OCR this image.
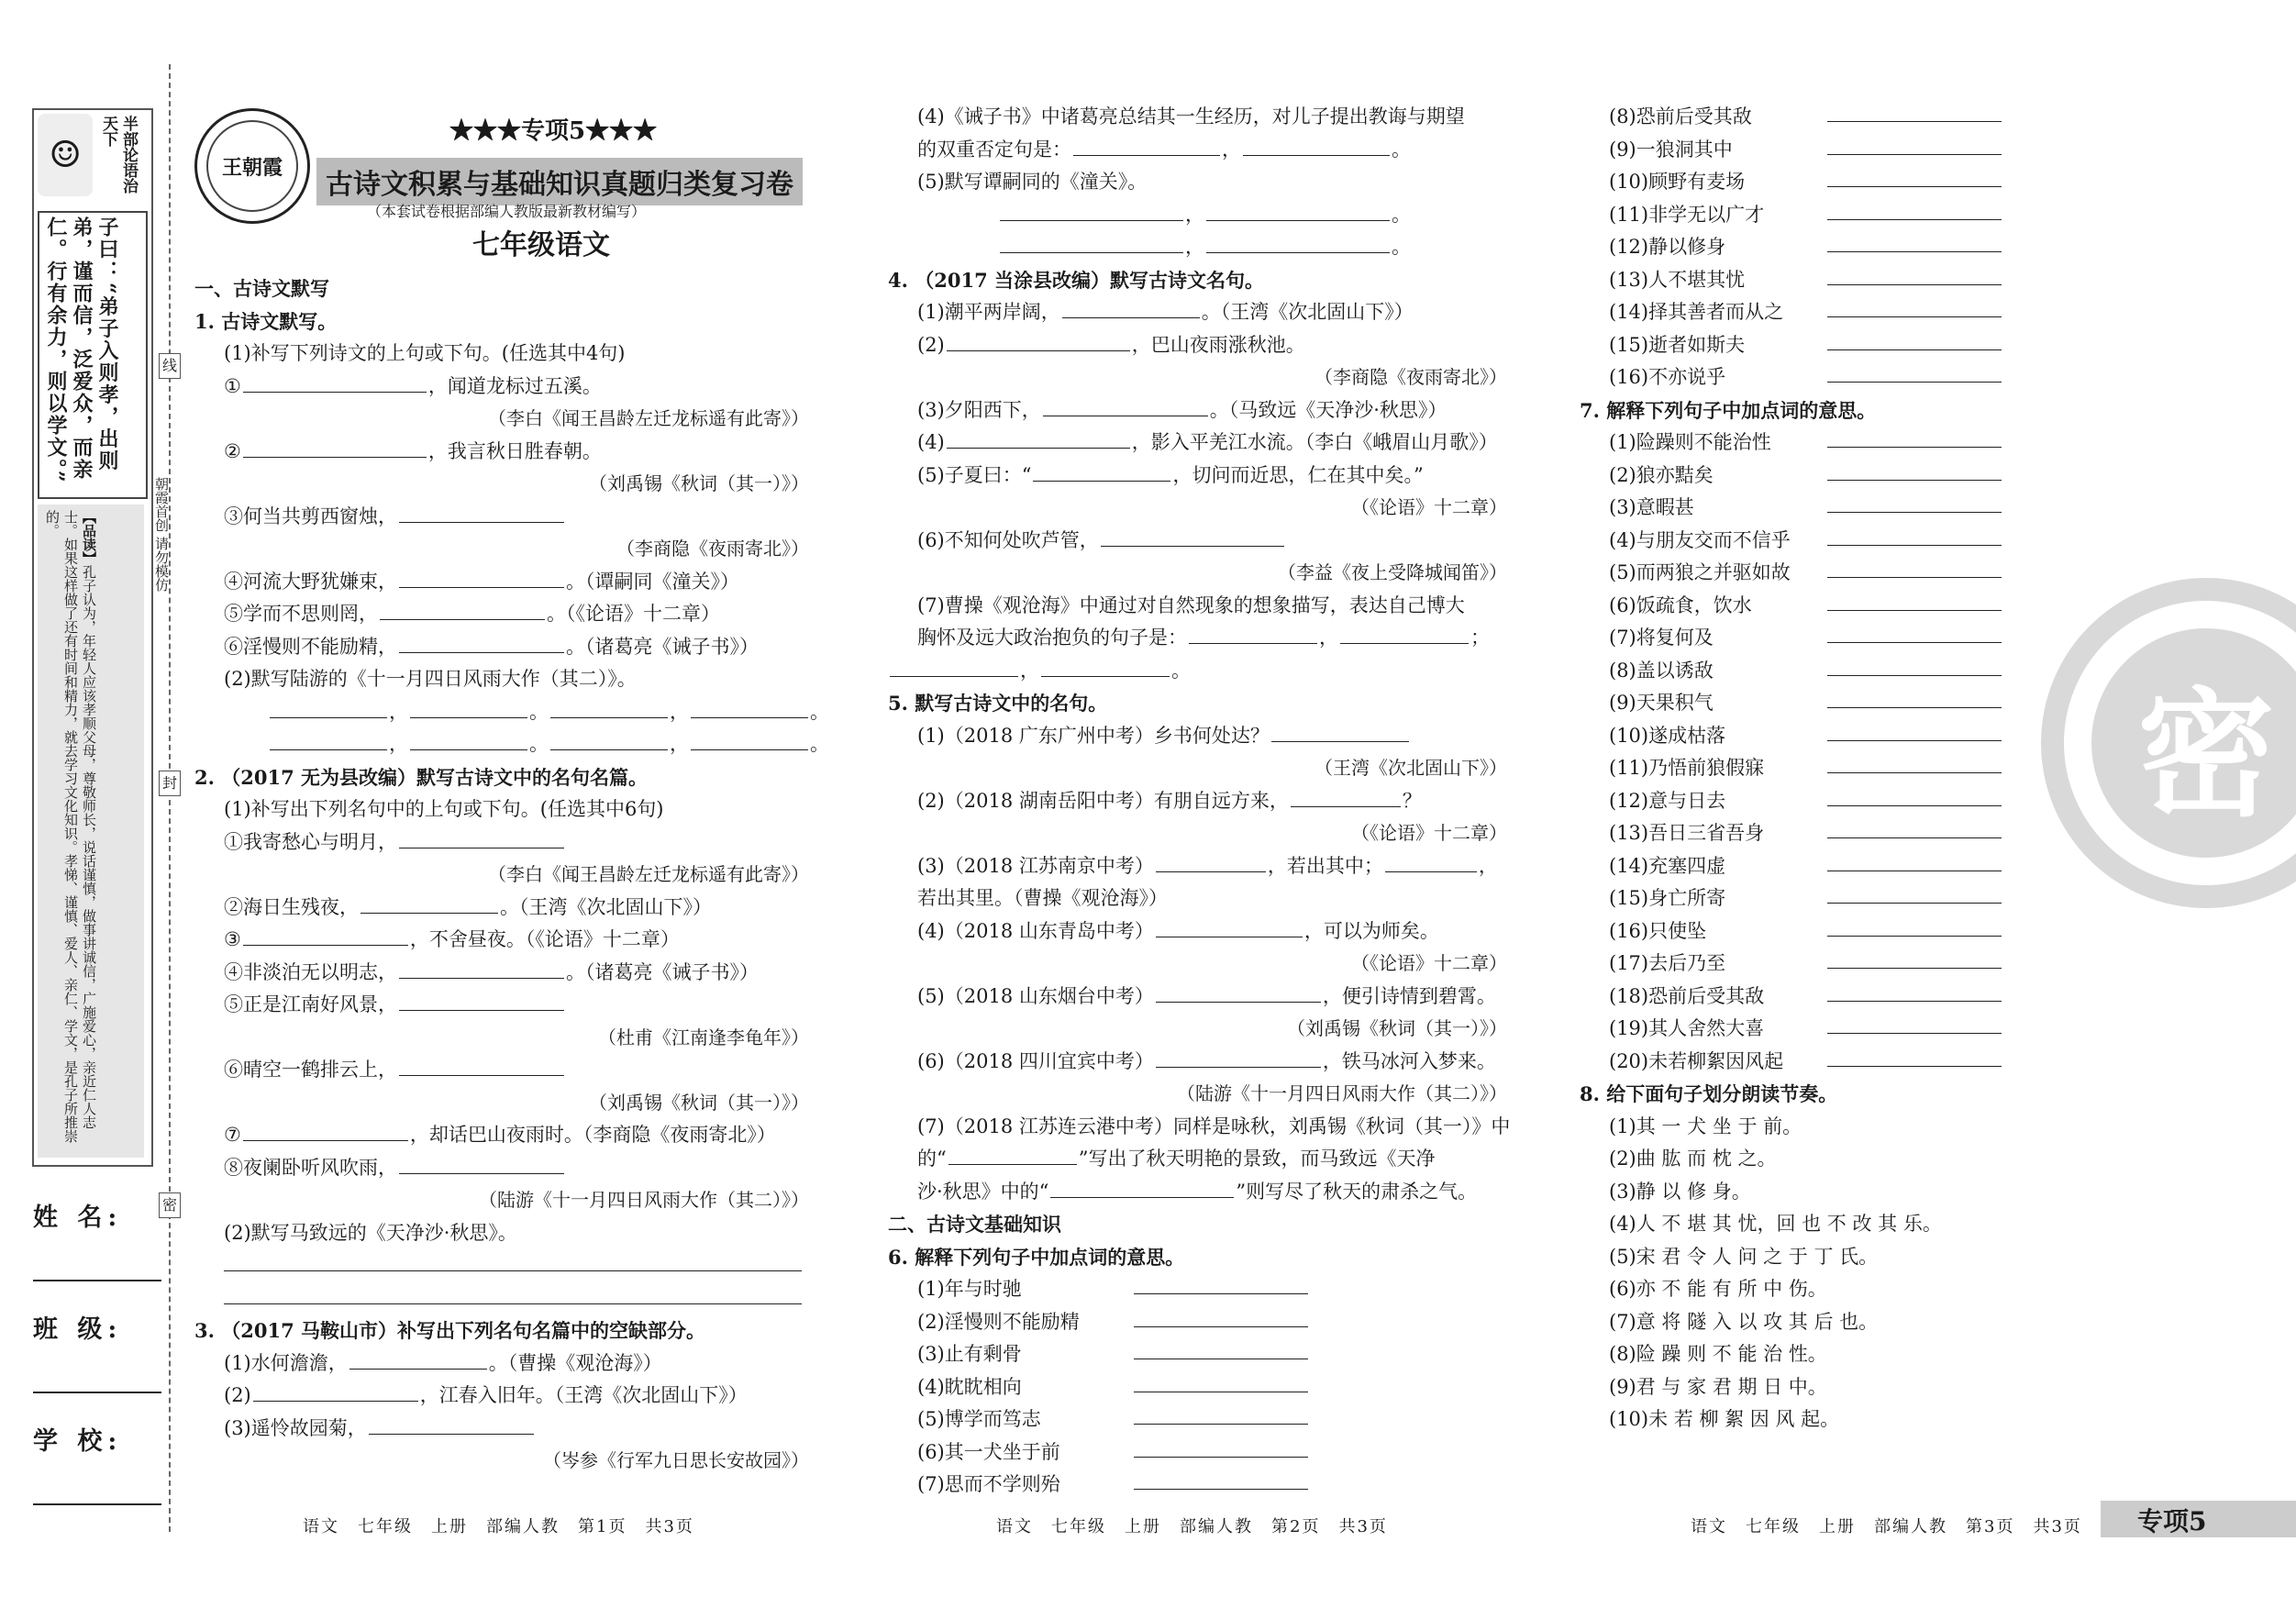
☺	半部论语治天下
子曰：“弟子入则孝，出则弟，谨而信，泛爱众，而亲仁。行有余力，则以学文。”
【品读】孔子认为，年轻人应该孝顺父母，尊敬师长，说话谨慎，做事讲诚信，广施爱心，亲近仁人志士。如果这样做了还有时间和精力，就去学习文化知识。孝悌、谨慎、爱人、亲仁、学文，是孔子所推崇的。
姓 名:
班 级:
学 校:
线
封
密
朝霞首创 请勿模仿
王朝霞
★★★专项5★★★
古诗文积累与基础知识真题归类复习卷
（本套试卷根据部编人教版最新教材编写）
七年级语文
一、古诗文默写
1. 古诗文默写。
(1)补写下列诗文的上句或下句。(任选其中4句)
①	，闻道龙标过五溪。
（李白《闻王昌龄左迁龙标遥有此寄》）
②	，我言秋日胜春朝。
（刘禹锡《秋词（其一）》）
③何当共剪西窗烛，
（李商隐《夜雨寄北》）
④河流大野犹嫌束，	。（谭嗣同《潼关》）
⑤学而不思则罔，	。（《论语》十二章）
⑥淫慢则不能励精，	。（诸葛亮《诫子书》）
(2)默写陆游的《十一月四日风雨大作（其二）》。
，	。	，	。
，	。	，	。
2. （2017 无为县改编）默写古诗文中的名句名篇。
(1)补写出下列名句中的上句或下句。(任选其中6句)
①我寄愁心与明月，
（李白《闻王昌龄左迁龙标遥有此寄》）
②海日生残夜，	。（王湾《次北固山下》）
③	，不舍昼夜。（《论语》十二章）
④非淡泊无以明志，	。（诸葛亮《诫子书》）
⑤正是江南好风景，
（杜甫《江南逢李龟年》）
⑥晴空一鹤排云上，
（刘禹锡《秋词（其一）》）
⑦	，却话巴山夜雨时。（李商隐《夜雨寄北》）
⑧夜阑卧听风吹雨，
（陆游《十一月四日风雨大作（其二）》）
(2)默写马致远的《天净沙·秋思》。
3. （2017 马鞍山市）补写出下列名句名篇中的空缺部分。
(1)水何澹澹，	。（曹操《观沧海》）
(2)	，江春入旧年。（王湾《次北固山下》）
(3)遥怜故园菊，
（岑参《行军九日思长安故园》）
(4)《诫子书》中诸葛亮总结其一生经历，对儿子提出教诲与期望
的双重否定句是：	，	。
(5)默写谭嗣同的《潼关》。
，	。
，	。
4. （2017 当涂县改编）默写古诗文名句。
(1)潮平两岸阔，	。（王湾《次北固山下》）
(2)	，巴山夜雨涨秋池。
（李商隐《夜雨寄北》）
(3)夕阳西下，	。（马致远《天净沙·秋思》）
(4)	，影入平羌江水流。（李白《峨眉山月歌》）
(5)子夏曰：“	，切问而近思，仁在其中矣。”
（《论语》十二章）
(6)不知何处吹芦管，
（李益《夜上受降城闻笛》）
(7)曹操《观沧海》中通过对自然现象的想象描写，表达自己博大
胸怀及远大政治抱负的句子是：	，	；
，	。
5. 默写古诗文中的名句。
(1)（2018 广东广州中考）乡书何处达？
（王湾《次北固山下》）
(2)（2018 湖南岳阳中考）有朋自远方来，	？
（《论语》十二章）
(3)（2018 江苏南京中考）	，若出其中；	，
若出其里。（曹操《观沧海》）
(4)（2018 山东青岛中考）	，可以为师矣。
（《论语》十二章）
(5)（2018 山东烟台中考）	，便引诗情到碧霄。
（刘禹锡《秋词（其一）》）
(6)（2018 四川宜宾中考）	，铁马冰河入梦来。
（陆游《十一月四日风雨大作（其二）》）
(7)（2018 江苏连云港中考）同样是咏秋，刘禹锡《秋词（其一）》中
的“	”写出了秋天明艳的景致，而马致远《天净
沙·秋思》中的“	”则写尽了秋天的肃杀之气。
二、古诗文基础知识
6. 解释下列句子中加点词的意思。
(1)年与时驰
(2)淫慢则不能励精
(3)止有剩骨
(4)眈眈相向
(5)博学而笃志
(6)其一犬坐于前
(7)思而不学则殆
(8)恐前后受其敌
(9)一狼洞其中
(10)顾野有麦场
(11)非学无以广才
(12)静以修身
(13)人不堪其忧
(14)择其善者而从之
(15)逝者如斯夫
(16)不亦说乎
7. 解释下列句子中加点词的意思。
(1)险躁则不能治性
(2)狼亦黠矣
(3)意暇甚
(4)与朋友交而不信乎
(5)而两狼之并驱如故
(6)饭疏食，饮水
(7)将复何及
(8)盖以诱敌
(9)天果积气
(10)遂成枯落
(11)乃悟前狼假寐
(12)意与日去
(13)吾日三省吾身
(14)充塞四虚
(15)身亡所寄
(16)只使坠
(17)去后乃至
(18)恐前后受其敌
(19)其人舍然大喜
(20)未若柳絮因风起
8. 给下面句子划分朗读节奏。
(1)其 一 犬 坐 于 前。
(2)曲 肱 而 枕 之。
(3)静 以 修 身。
(4)人 不 堪 其 忧，回 也 不 改 其 乐。
(5)宋 君 令 人 问 之 于 丁 氏。
(6)亦 不 能 有 所 中 伤。
(7)意 将 隧 入 以 攻 其 后 也。
(8)险 躁 则 不 能 治 性。
(9)君 与 家 君 期 日 中。
(10)未 若 柳 絮 因 风 起。
密
语文　七年级　上册　部编人教　第1页　共3页	语文　七年级　上册　部编人教　第2页　共3页	语文　七年级　上册　部编人教　第3页　共3页 专项5
